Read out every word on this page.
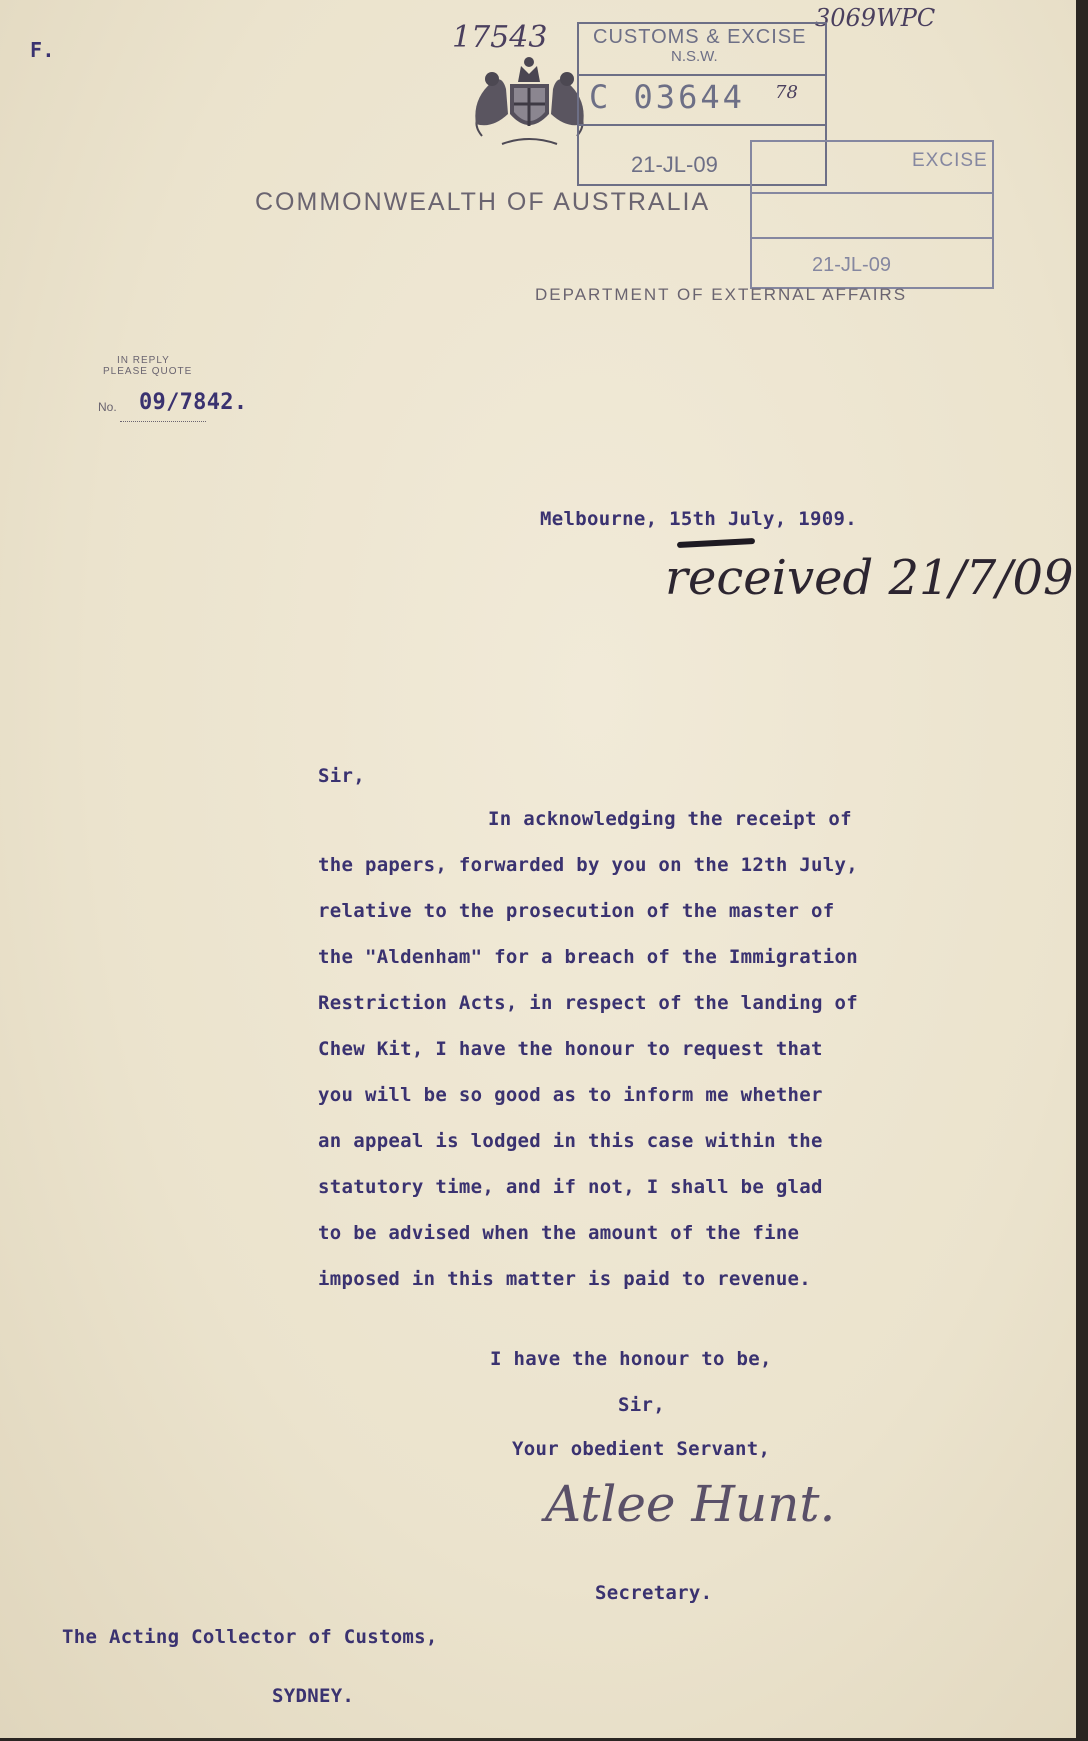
F.	17543
3069WPC
CUSTOMS & EXCISE
N.S.W.
C 03644 78
21-JL-09	EXCISE
21-JL-09
COMMONWEALTH OF AUSTRALIA
DEPARTMENT OF EXTERNAL AFFAIRS
IN REPLY
PLEASE QUOTE
No. 09/7842.
Melbourne, 15th July, 1909.
received 21/7/09
Sir,
In acknowledging the receipt of
the papers, forwarded by you on the 12th July,
relative to the prosecution of the master of
the "Aldenham" for a breach of the Immigration
Restriction Acts, in respect of the landing of
Chew Kit, I have the honour to request that
you will be so good as to inform me whether
an appeal is lodged in this case within the
statutory time, and if not, I shall be glad
to be advised when the amount of the fine
imposed in this matter is paid to revenue.
I have the honour to be,
Sir,
Your obedient Servant,
Atlee Hunt.
Secretary.
The Acting Collector of Customs,
SYDNEY.
